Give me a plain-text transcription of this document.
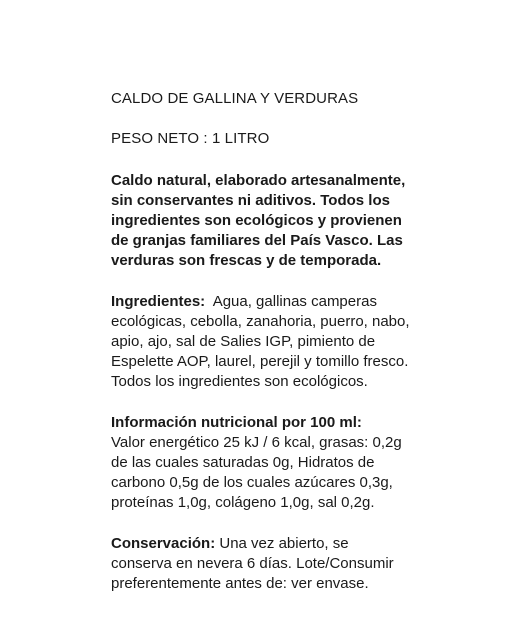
CALDO DE GALLINA Y VERDURAS

PESO NETO : 1 LITRO

Caldo natural, elaborado artesanalmente, sin conservantes ni aditivos. Todos los ingredientes son ecológicos y provienen de granjas familiares del País Vasco. Las verduras son frescas y de temporada.

Ingredientes:  Agua, gallinas camperas ecológicas, cebolla, zanahoria, puerro, nabo, apio, ajo, sal de Salies IGP, pimiento de Espelette AOP, laurel, perejil y tomillo fresco. Todos los ingredientes son ecológicos.

Información nutricional por 100 ml:

Valor energético 25 kJ / 6 kcal, grasas: 0,2g de las cuales saturadas 0g, Hidratos de carbono 0,5g de los cuales azúcares 0,3g, proteínas 1,0g, colágeno 1,0g, sal 0,2g.

Conservación: Una vez abierto, se conserva en nevera 6 días. Lote/Consumir preferentemente antes de: ver envase.
